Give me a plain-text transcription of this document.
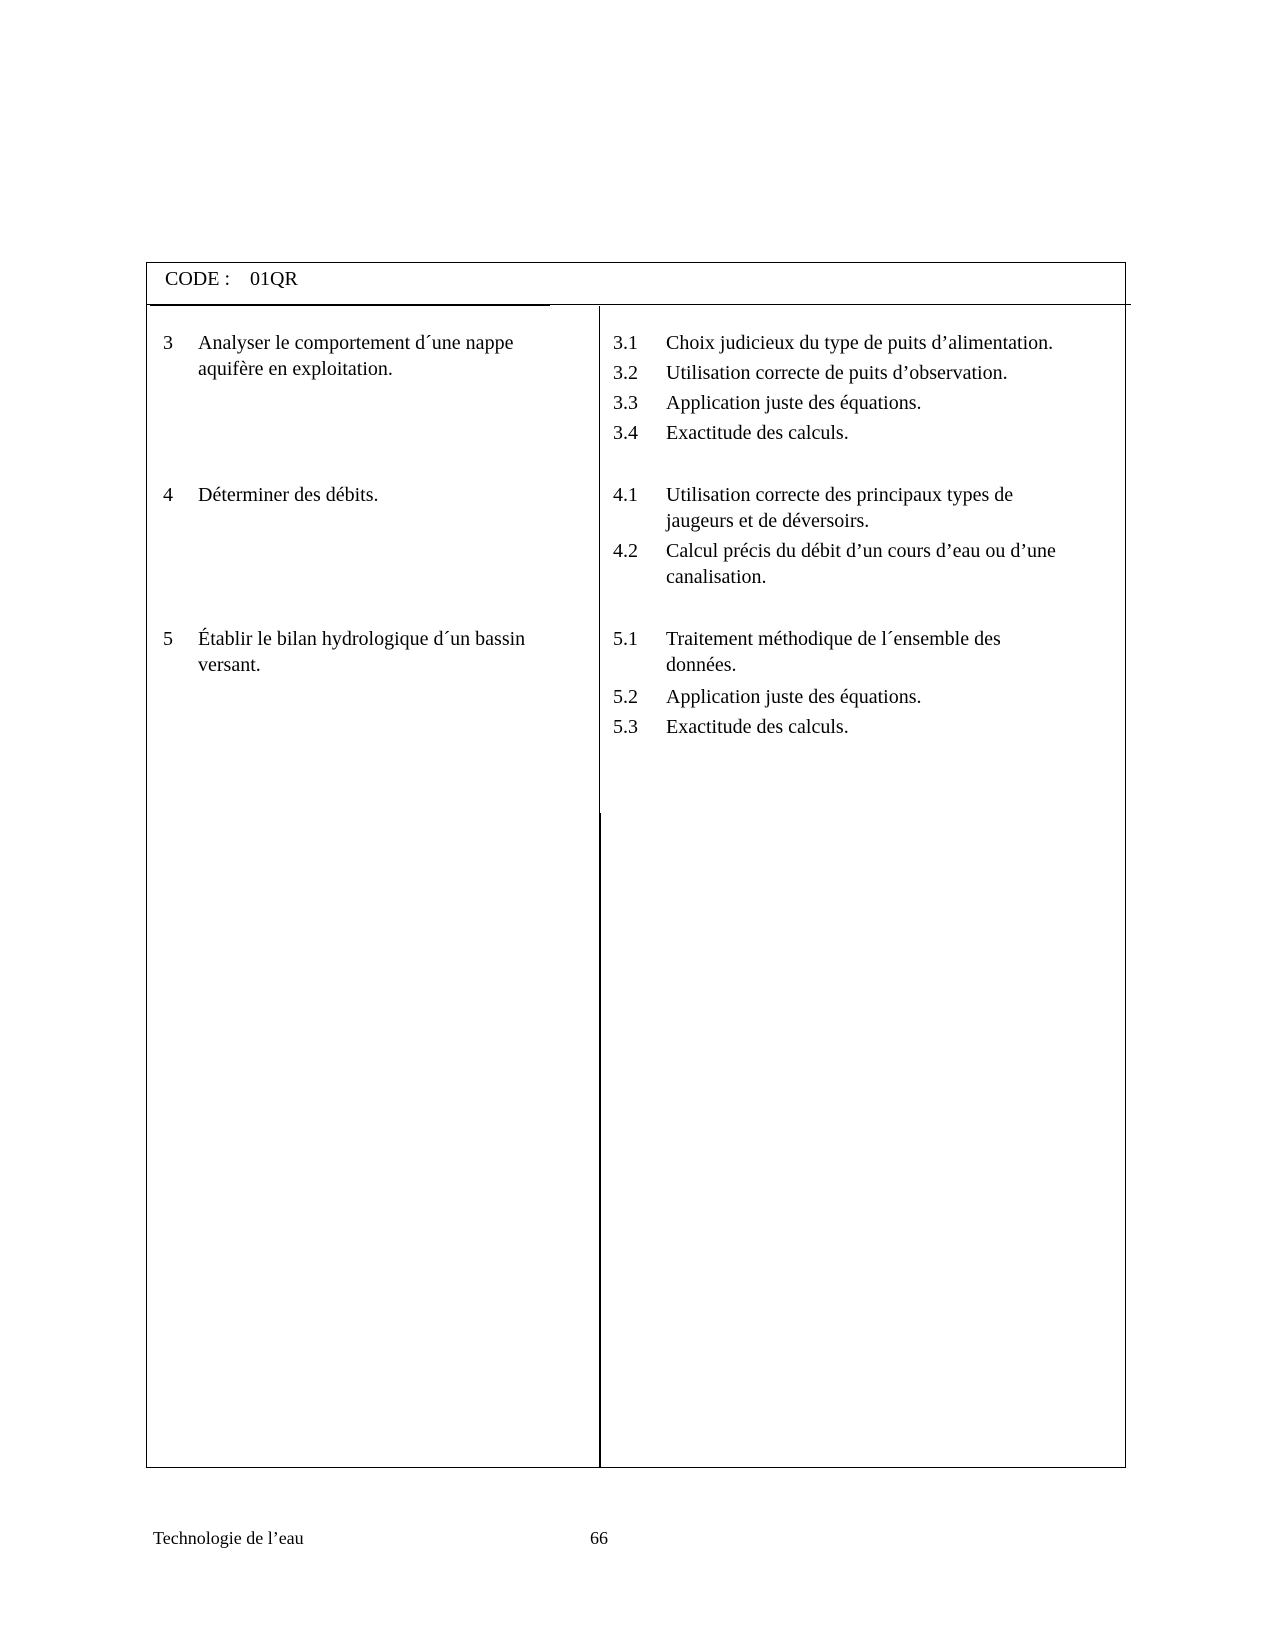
CODE : 01QR
3 Analyser le comportement d´une nappe
aquifère en exploitation.
4 Déterminer des débits.
5 Établir le bilan hydrologique d´un bassin
versant.
3.1 Choix judicieux du type de puits d’alimentation.
3.2 Utilisation correcte de puits d’observation.
3.3 Application juste des équations.
3.4 Exactitude des calculs.
4.1 Utilisation correcte des principaux types de
jaugeurs et de déversoirs.
4.2 Calcul précis du débit d’un cours d’eau ou d’une
canalisation.
5.1 Traitement méthodique de l´ensemble des
données.
5.2 Application juste des équations.
5.3 Exactitude des calculs.
Technologie de l’eau	66
